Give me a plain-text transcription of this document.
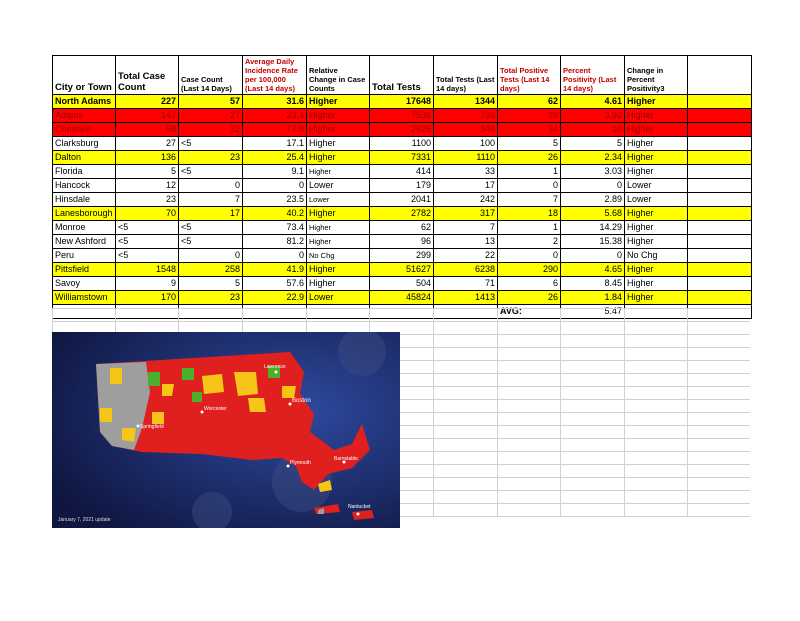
City or Town	Total Case Count	Case Count (Last 14 Days)	Average Daily Incidence Rate per 100,000 (Last 14 days)	Relative Change in Case Counts	Total Tests	Total Tests (Last 14 days)	Total Positive Tests (Last 14 days)	Percent Positivity (Last 14 days)	Change in Percent Positivity3	
North Adams	227	57	31.6	Higher	17648	1344	62	4.61	Higher	
Adams	147	27	23.4	Higher	7536	739	29	3.92	Higher	
Cheshire	58	32	77.8	Higher	2926	340	34	10	Higher	
Clarksburg	27	<5	17.1	Higher	1100	100	5	5	Higher	
Dalton	136	23	25.4	Higher	7331	1110	26	2.34	Higher	
Florida	5	<5	9.1	Higher	414	33	1	3.03	Higher	
Hancock	12	0	0	Lower	179	17	0	0	Lower	
Hinsdale	23	7	23.5	Lower	2041	242	7	2.89	Lower	
Lanesborough	70	17	40.2	Higher	2782	317	18	5.68	Higher	
Monroe	<5	<5	73.4	Higher	62	7	1	14.29	Higher	
New Ashford	<5	<5	81.2	Higher	96	13	2	15.38	Higher	
Peru	<5	0	0	No Chg	299	22	0	0	No Chg	
Pittsfield	1548	258	41.9	Higher	51627	6238	290	4.65	Higher	
Savoy	9	5	57.6	Higher	504	71	6	8.45	Higher	
Williamstown	170	23	22.9	Lower	45824	1413	26	1.84	Higher	
							AVG:	5.47		
Lawrence
Boston
Worcester
Springfield
Plymouth
Barnstable
Nantucket
January 7, 2021 update
